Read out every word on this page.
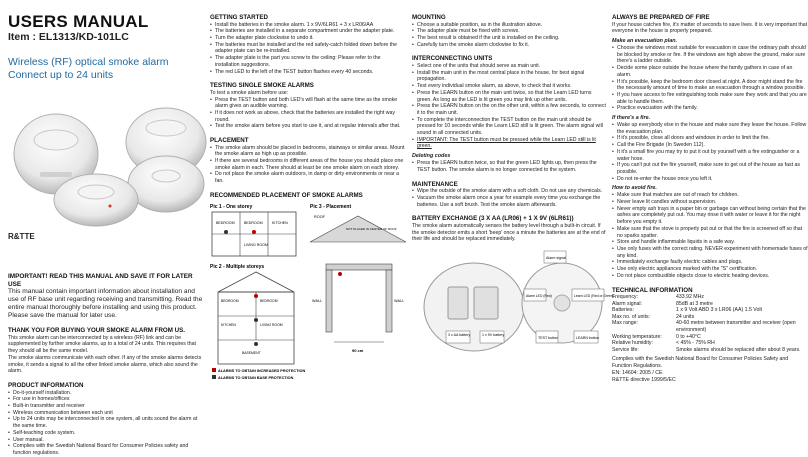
USERS MANUAL
Item : EL1313/KD-101LC
Wireless (RF) optical smoke alarm
Connect up to 24 units
R&TTE
IMPORTANT! READ THIS MANUAL AND SAVE IT FOR LATER USE

This manual contain important information about installation and use of RF base unit regarding receiving and transmitting. Read the entire manual thoroughly before installing and using this product. Please save the manual for later use.

THANK YOU FOR BUYING YOUR SMOKE ALARM FROM US.

This smoke alarm can be interconnected by a wireless (RF) link and can be supplemented by further smoke alarms, up to a total of 24 units. This requires that they should all be the same model.

The smoke alarms communicate with each other. If any of the smoke alarms detects smoke, it sends a signal to all the other linked smoke alarms, which also sound the alarm.

PRODUCT INFORMATION
• Do-it-yourself installation.
• For use in homes/offices
• Built-in transmitter and receiver
• Wireless communication between each unit
• Up to 24 units may be interconnected in one system, all units sound the alarm at the same time.
• Self-teaching code system.
• User manual.
• Complies with the Swedish National Board for Consumer Policies safety and function regulations.
GETTING STARTED
• Install the batteries in the smoke alarm. 1 x 9V/6LR61 + 3 x LR06/AA
• The batteries are installed in a separate compartment under the adapter plate.
• Turn the adapter plate clockwise to undo it.
• The batteries must be installed and the red safety-catch folded down before the adapter plate can be re-installed.
• The adapter plate is the part you screw to the ceiling: Please refer to the installation suggestions.
• The red LED to the left of the TEST button flashes every 40 seconds.
TESTING SINGLE SMOKE ALARMS

To test a smoke alarm before use:

• Press the TEST button and both LED's will flash at the same time as the smoke alarm gives an audible warning.
• If it does not work as above, check that the batteries are installed the right way round.
• Test the smoke alarm before you start to use it, and at regular intervals after that.
PLACEMENT
• The smoke alarm should be placed in bedrooms, stairways or similar areas. Mount the smoke alarm as high up as possible.
• If there are several bedrooms in different areas of the house you should place one smoke alarm in each. There should at least be one smoke alarm on each storey.
• Do not place the smoke alarm outdoors, in damp or dirty environments or near a fan.
RECOMMENDED PLACEMENT OF SMOKE ALARMS
Pic 1 - One storey
BEDROOM	BEDROOM	KITCHEN
LIVING ROOM
Pic 2 - Multiple storeys
BEDROOM	BEDROOM
KITCHEN	LIVING ROOM
BASEMENT
ALARMS TO OBTAIN INCREASED PROTECTION
ALARMS TO OBTAIN BASE PROTECTION
Pic 3 - Placement
ROOF
NOT PLACED IN CENTER OF ROOF
WALL	WALL
90 cm
MOUNTING
• Choose a suitable position, as in the illustration above.
• The adapter plate must be fixed with screws.
• The best result is obtained if the unit is installed on the ceiling.
• Carefully turn the smoke alarm clockwise to fix it.
INTERCONNECTING UNITS
• Select one of the units that should serve as main unit.
• Install the main unit in the most central place in the house, for best signal propagation.
• Test every individual smoke alarm, as above, to check that it works.
• Press the LEARN button on the main unit twice, so that the Learn LED turns green. As long as the LED is lit green you may link up other units.
• Press the LEARN button on the on the other unit, within a few seconds, to connect it to the main unit.
• To complete the interconnection the TEST button on the main unit should be pressed for 10 seconds while the Learn LED still is lit green. The alarm signal will sound in all connected units.
• IMPORTANT: The TEST button must be pressed while the Learn LED still is lit green.
Deleting codes
• Press the LEARN button twice, so that the green LED lights up, then press the TEST button. The smoke alarm is no longer connected to the system.
MAINTENANCE
• Wipe the outside of the smoke alarm with a soft cloth. Do not use any chemicals.
• Vacuum the smoke alarm once a year for example every time you exchange the batteries. Use a soft brush. Test the smoke alarm afterwards.
BATTERY EXCHANGE (3 X AA (LR06) + 1 X 9V (6LR61))

The smoke alarm automatically senses the battery level through a built-in circuit. If the smoke detector emits a short 'beep' once a minute the batteries are at the end of their life and should be replaced immediately.

3 x AA battery	1 x 9V battery
Alarm signal
Alarm LED (Red)	Learn LED (Red or Green)
TEST button	LEARN button
ALWAYS BE PREPARED OF FIRE

If your house catches fire, it's matter of seconds to save lives. It is very important that everyone in the house is properly prepared.

Make an evacuation plan.
• Choose the windows most suitable for evacuation in case the ordinary path should be blocked by smoke or fire. If the windows are high above the ground, make sure there's a ladder outside.
• Decide some place outside the house where the family gathers in case of an alarm.
• If it's possible, keep the bedroom door closed at night. A door might stand the fire the necessarily amount of time to make an evacuation through a window possible.
• If you have access to fire extinguishing tools make sure they work and that you are able to handle them.
• Practice evacuation with the family.
If there's a fire.
• Wake up everybody else in the house and make sure they leave the house. Follow the evacuation plan.
• If it's possible, close all doors and windows in order to limit the fire.
• Call the Fire Brigade (In Sweden 112).
• It it's a small fire you may try to put it out by yourself with a fire extinguisher or a water hose.
• If you can't put out the fire yourself, make sure to get out of the house as fast as possible.
• Do not re-enter the house once you left it.
How to avoid fire.
• Make sure that matches are out of reach for children.
• Never leave lit candles without supervision.
• Never empty ash trays in a paper bin or garbage can without being certain that the ashes are completely put out. You may rinse it with water or leave it for the night before you empty it.
• Make sure that the stove is properly put out or that the fire is screened off so that no sparks spatter.
• Store and handle inflammable liquids in a safe way.
• Use only fuses with the correct rating. NEVER experiment with homemade fuses of any kind.
• Immediately exchange faulty electric cables and plugs.
• Use only electric appliances marked with the "S" certification.
• Do not place combustible objects close to electric heating devices.
TECHNICAL INFORMATION
Frequency:	433.92 MHz
Alarm signal:	85dB at 3 metre
Batteries:	1 x 9 Volt ABD 3 x LR06 (AA) 1.5 Volt
Max no. of units:	24 units
Max range:	40-60 metre between transmitter and receiver (open environment)
Working temperature:	0 to +40°C
Relative humidity:	< 45% - 75% RH
Service life:	Smoke alarms should be replaced after about 8 years.

Complies with the Swedish National Board for Consumer Policies Safety and Function Regulations.

EN: 14604: 2005 / CE

R&TTE directive 1999/5/EC
